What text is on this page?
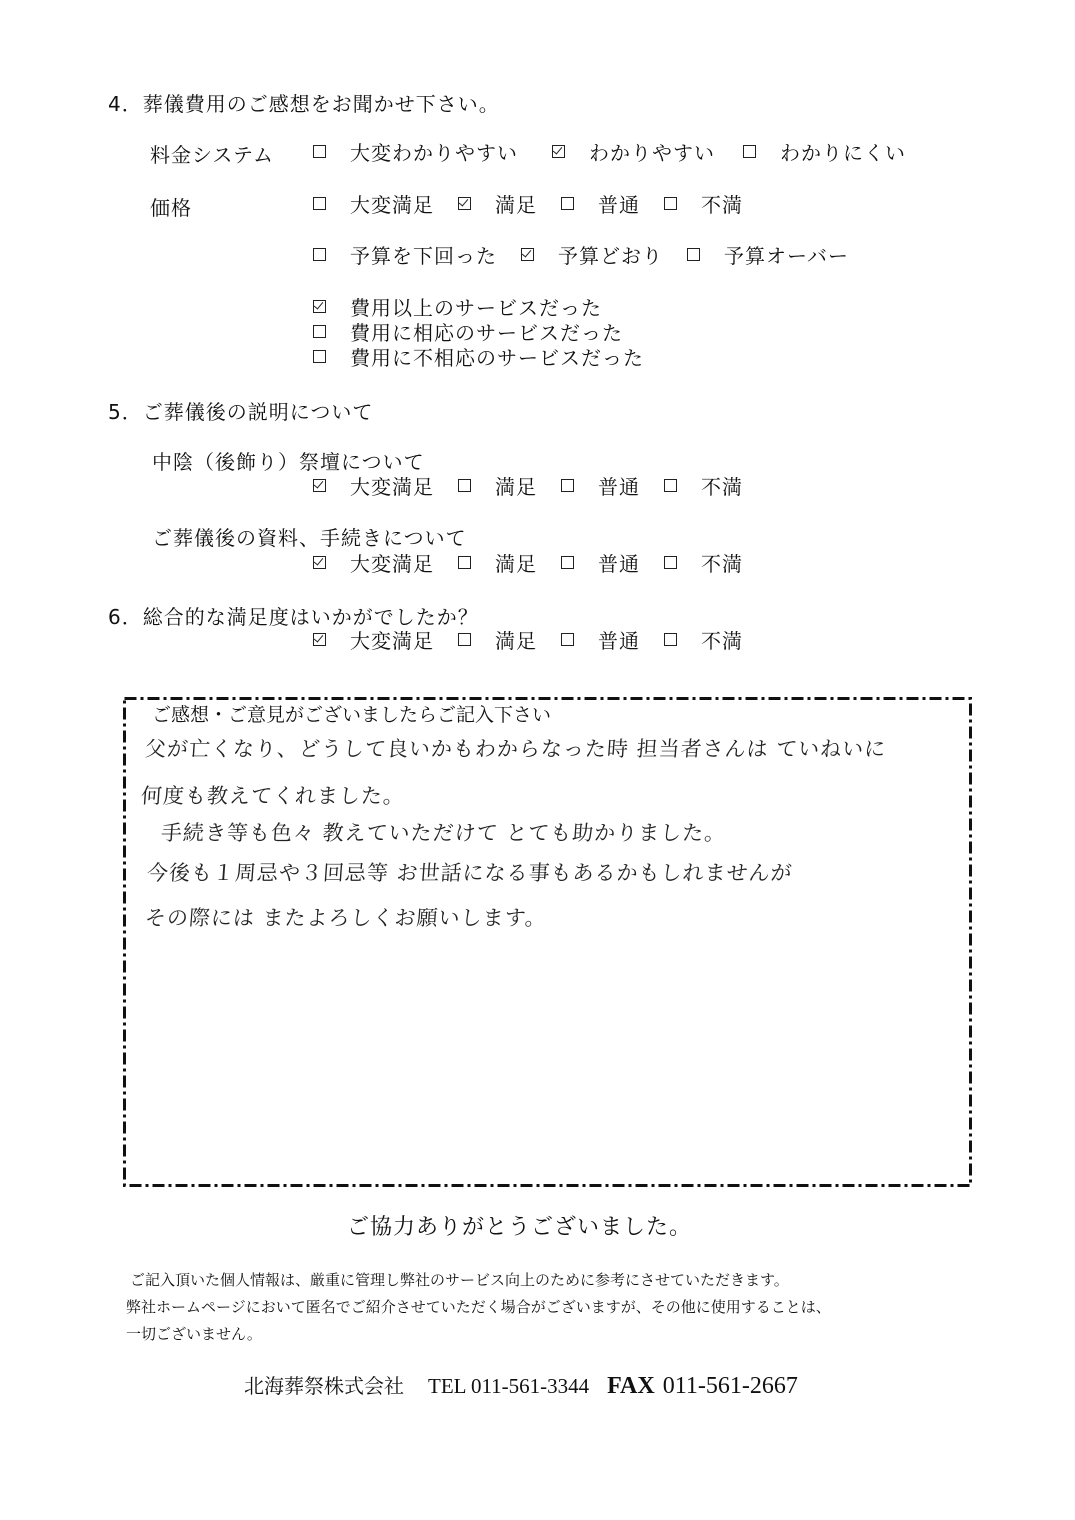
4．葬儀費用のご感想をお聞かせ下さい。
料金システム	大変わかりやすい	わかりやすい	わかりにくい
価格	大変満足	満足	普通	不満
予算を下回った	予算どおり	予算オーバー
費用以上のサービスだった
費用に相応のサービスだった
費用に不相応のサービスだった
5．ご葬儀後の説明について
中陰（後飾り）祭壇について
大変満足	満足	普通	不満
ご葬儀後の資料、手続きについて
大変満足	満足	普通	不満
6．総合的な満足度はいかがでしたか？
大変満足	満足	普通	不満
ご感想・ご意見がございましたらご記入下さい
父が亡くなり、どうして良いかもわからなった時 担当者さんは ていねいに
何度も教えてくれました。
手続き等も色々 教えていただけて とても助かりました。
今後も１周忌や３回忌等 お世話になる事もあるかもしれませんが
その際には またよろしくお願いします。
ご協力ありがとうございました。
ご記入頂いた個人情報は、厳重に管理し弊社のサービス向上のために参考にさせていただきます。
弊社ホームページにおいて匿名でご紹介させていただく場合がございますが、その他に使用することは、
一切ございません。
北海葬祭株式会社 TEL 011-561-3344 FAX 011-561-2667
